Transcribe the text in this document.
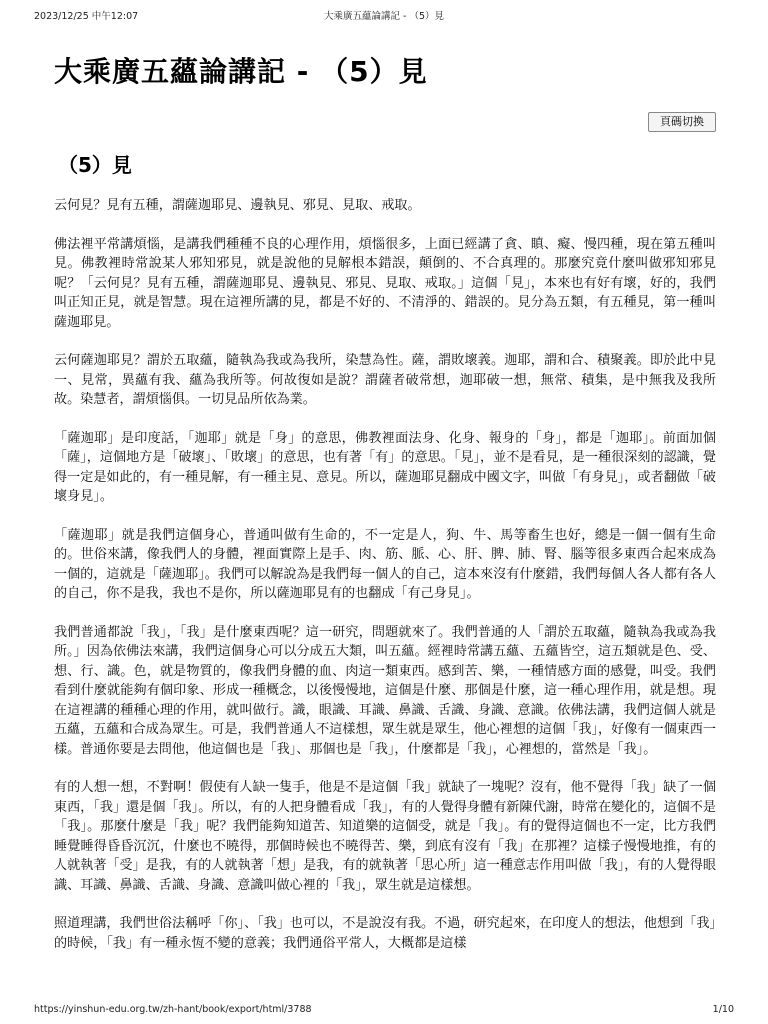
2023/12/25 中午12:07	大乘廣五蘊論講記 - （5）見
大乘廣五蘊論講記 - （5）見
頁碼切換
（5）見

云何見？見有五種，謂薩迦耶見、邊執見、邪見、見取、戒取。

佛法裡平常講煩惱，是講我們種種不良的心理作用，煩惱很多，上面已經講了貪、瞋、癡、慢四種，現在第五種叫見。佛教裡時常說某人邪知邪見，就是說他的見解根本錯誤，顛倒的、不合真理的。那麼究竟什麼叫做邪知邪見呢？「云何見？見有五種，謂薩迦耶見、邊執見、邪見、見取、戒取。」這個「見」，本來也有好有壞，好的，我們叫正知正見，就是智慧。現在這裡所講的見，都是不好的、不清淨的、錯誤的。見分為五類，有五種見，第一種叫薩迦耶見。

云何薩迦耶見？謂於五取蘊，隨執為我或為我所，染慧為性。薩，謂敗壞義。迦耶，謂和合、積聚義。即於此中見一、見常，異蘊有我、蘊為我所等。何故復如是說？謂薩者破常想，迦耶破一想，無常、積集，是中無我及我所故。染慧者，謂煩惱俱。一切見品所依為業。

「薩迦耶」是印度話，「迦耶」就是「身」的意思，佛教裡面法身、化身、報身的「身」，都是「迦耶」。前面加個「薩」，這個地方是「破壞」、「敗壞」的意思，也有著「有」的意思。「見」，並不是看見，是一種很深刻的認識，覺得一定是如此的，有一種見解，有一種主見、意見。所以，薩迦耶見翻成中國文字，叫做「有身見」，或者翻做「破壞身見」。

「薩迦耶」就是我們這個身心，普通叫做有生命的，不一定是人，狗、牛、馬等畜生也好，總是一個一個有生命的。世俗來講，像我們人的身體，裡面實際上是手、肉、筋、脈、心、肝、脾、肺、腎、腦等很多東西合起來成為一個的，這就是「薩迦耶」。我們可以解說為是我們每一個人的自己，這本來沒有什麼錯，我們每個人各人都有各人的自己，你不是我，我也不是你，所以薩迦耶見有的也翻成「有己身見」。

我們普通都說「我」，「我」是什麼東西呢？這一研究，問題就來了。我們普通的人「謂於五取蘊，隨執為我或為我所。」因為依佛法來講，我們這個身心可以分成五大類，叫五蘊。經裡時常講五蘊、五蘊皆空，這五類就是色、受、想、行、識。色，就是物質的，像我們身體的血、肉這一類東西。感到苦、樂，一種情感方面的感覺，叫受。我們看到什麼就能夠有個印象、形成一種概念，以後慢慢地，這個是什麼、那個是什麼，這一種心理作用，就是想。現在這裡講的種種心理的作用，就叫做行。識，眼識、耳識、鼻識、舌識、身識、意識。依佛法講，我們這個人就是五蘊，五蘊和合成為眾生。可是，我們普通人不這樣想，眾生就是眾生，他心裡想的這個「我」，好像有一個東西一樣。普通你要是去問他，他這個也是「我」、那個也是「我」，什麼都是「我」，心裡想的，當然是「我」。

有的人想一想，不對啊！假使有人缺一隻手，他是不是這個「我」就缺了一塊呢？沒有，他不覺得「我」缺了一個東西，「我」還是個「我」。所以，有的人把身體看成「我」，有的人覺得身體有新陳代謝，時常在變化的，這個不是「我」。那麼什麼是「我」呢？我們能夠知道苦、知道樂的這個受，就是「我」。有的覺得這個也不一定，比方我們睡覺睡得昏昏沉沉，什麼也不曉得，那個時候也不曉得苦、樂，到底有沒有「我」在那裡？這樣子慢慢地推，有的人就執著「受」是我，有的人就執著「想」是我，有的就執著「思心所」這一種意志作用叫做「我」，有的人覺得眼識、耳識、鼻識、舌識、身識、意識叫做心裡的「我」，眾生就是這樣想。

照道理講，我們世俗法稱呼「你」、「我」也可以，不是說沒有我。不過，研究起來，在印度人的想法，他想到「我」的時候，「我」有一種永恆不變的意義；我們通俗平常人，大概都是這樣

https://yinshun-edu.org.tw/zh-hant/book/export/html/3788	1/10
